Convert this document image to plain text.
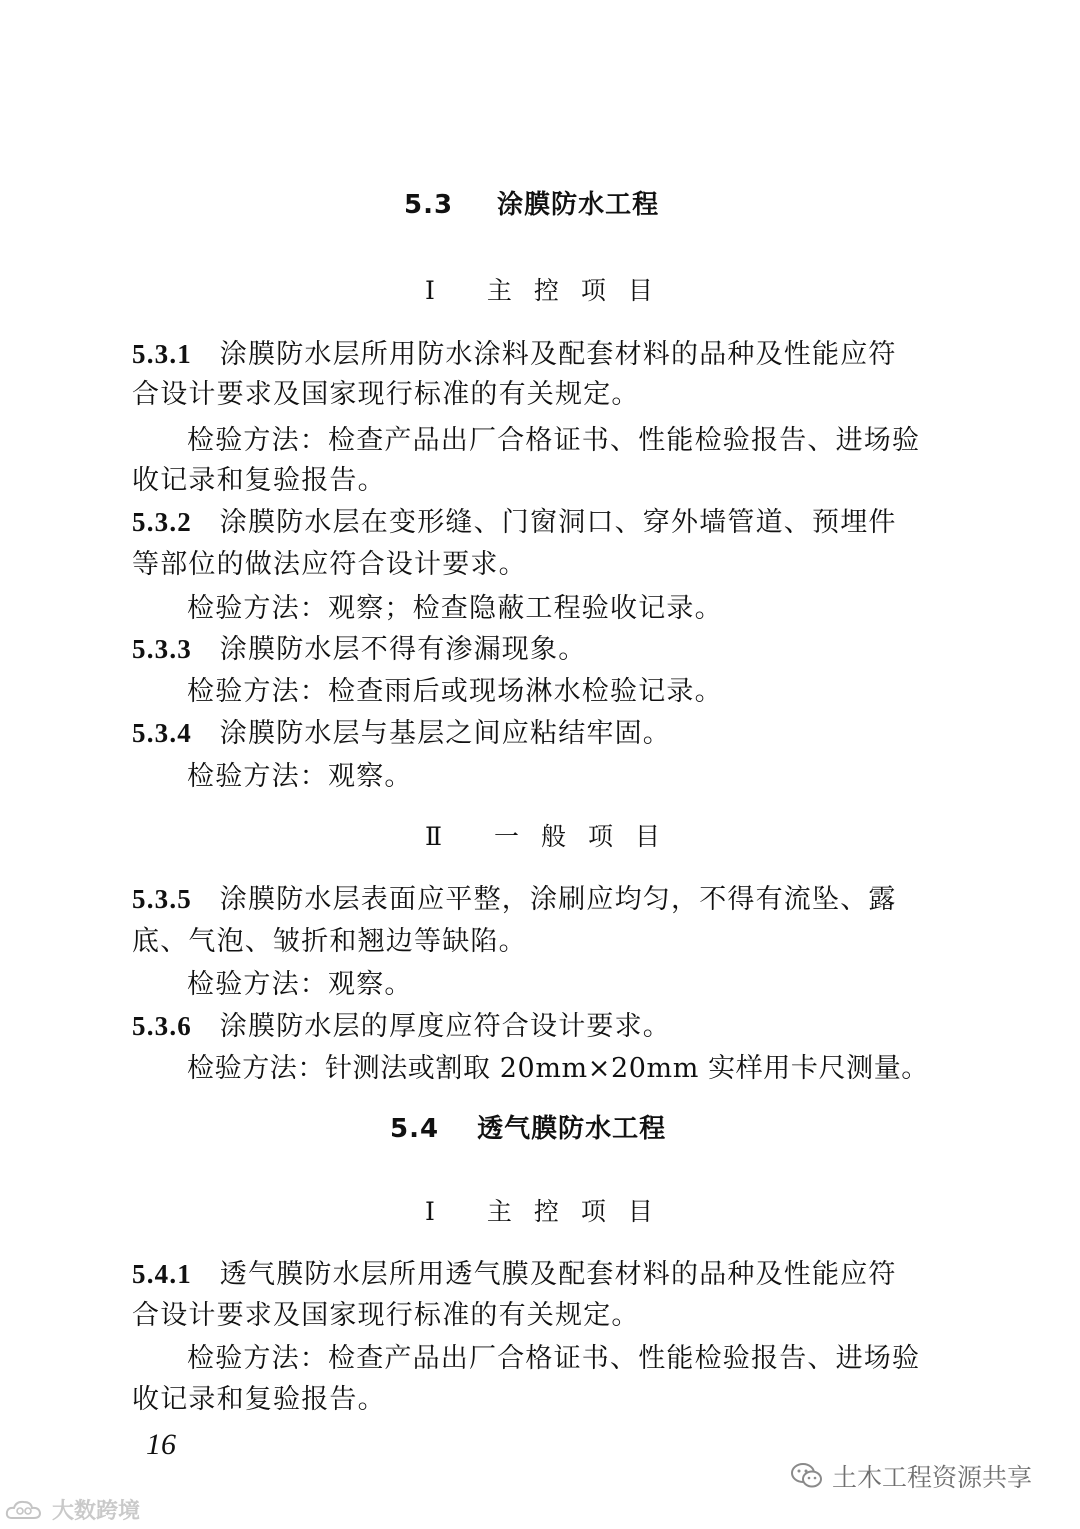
5.3 涂膜防水工程
Ⅰ 主控项目
5.3.1 涂膜防水层所用防水涂料及配套材料的品种及性能应符
合设计要求及国家现行标准的有关规定。
检验方法：检查产品出厂合格证书、性能检验报告、进场验
收记录和复验报告。
5.3.2 涂膜防水层在变形缝、门窗洞口、穿外墙管道、预埋件
等部位的做法应符合设计要求。
检验方法：观察；检查隐蔽工程验收记录。
5.3.3 涂膜防水层不得有渗漏现象。
检验方法：检查雨后或现场淋水检验记录。
5.3.4 涂膜防水层与基层之间应粘结牢固。
检验方法：观察。
Ⅱ 一般项目
5.3.5 涂膜防水层表面应平整，涂刷应均匀，不得有流坠、露
底、气泡、皱折和翘边等缺陷。
检验方法：观察。
5.3.6 涂膜防水层的厚度应符合设计要求。
检验方法：针测法或割取 20mm×20mm 实样用卡尺测量。
5.4 透气膜防水工程
Ⅰ 主控项目
5.4.1 透气膜防水层所用透气膜及配套材料的品种及性能应符
合设计要求及国家现行标准的有关规定。
检验方法：检查产品出厂合格证书、性能检验报告、进场验
收记录和复验报告。
16
土木工程资源共享
大数跨境
